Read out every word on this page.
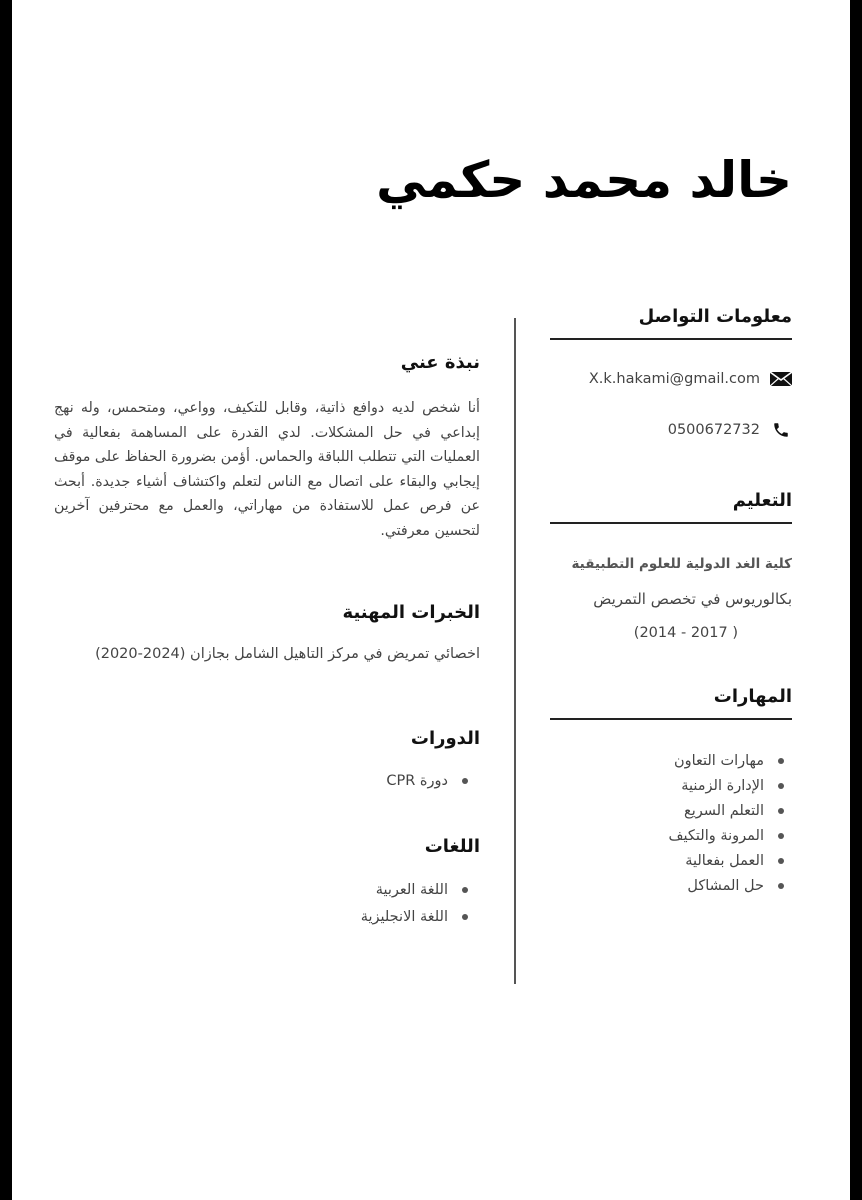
خالد محمد حكمي
معلومات التواصل
X.k.hakami@gmail.com
0500672732
التعليم

كلية الغد الدولية للعلوم التطبيقية

بكالوريوس في تخصص التمريض

( 2017 - 2014)

المهارات
مهارات التعاون
الإدارة الزمنية
التعلم السريع
المرونة والتكيف
العمل بفعالية
حل المشاكل
نبذة عني

أنا شخص لديه دوافع ذاتية، وقابل للتكيف، وواعي، ومتحمس، وله نهج إبداعي في حل المشكلات. لدي القدرة على المساهمة بفعالية في العمليات التي تتطلب اللباقة والحماس. أؤمن بضرورة الحفاظ على موقف إيجابي والبقاء على اتصال مع الناس لتعلم واكتشاف أشياء جديدة. أبحث عن فرص عمل للاستفادة من مهاراتي، والعمل مع محترفين آخرين لتحسين معرفتي.

الخبرات المهنية

اخصائي تمريض في مركز التاهيل الشامل بجازان (2024-2020)

الدورات
دورة CPR
اللغات
اللغة العربية
اللغة الانجليزية
